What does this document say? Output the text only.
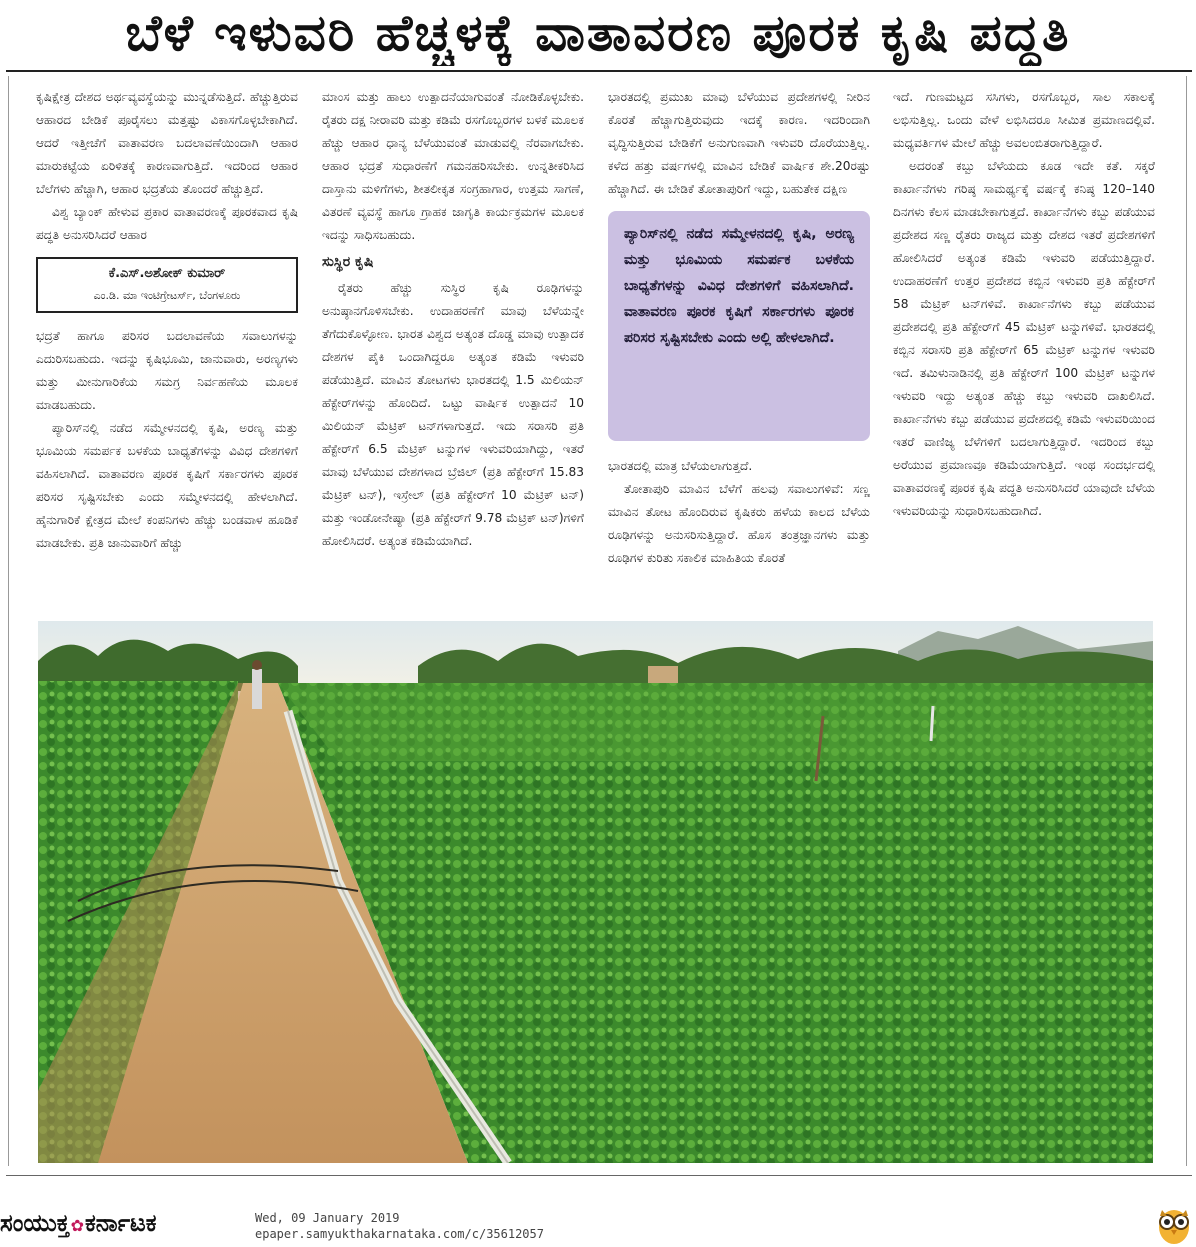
ಬೆಳೆ ಇಳುವರಿ ಹೆಚ್ಚಳಕ್ಕೆ ವಾತಾವರಣ ಪೂರಕ ಕೃಷಿ ಪದ್ಧತಿ

ಕೃಷಿಕ್ಷೇತ್ರ ದೇಶದ ಅರ್ಥವ್ಯವಸ್ಥೆಯನ್ನು ಮುನ್ನಡೆಸುತ್ತಿದೆ. ಹೆಚ್ಚುತ್ತಿರುವ ಆಹಾರದ ಬೇಡಿಕೆ ಪೂರೈಸಲು ಮತ್ತಷ್ಟು ವಿಕಾಸಗೊಳ್ಳಬೇಕಾಗಿದೆ. ಆದರೆ ಇತ್ತೀಚೆಗೆ ವಾತಾವರಣ ಬದಲಾವಣೆಯಿಂದಾಗಿ ಆಹಾರ ಮಾರುಕಟ್ಟೆಯ ಏರಿಳಿತಕ್ಕೆ ಕಾರಣವಾಗುತ್ತಿದೆ. ಇದರಿಂದ ಆಹಾರ ಬೆಲೆಗಳು ಹೆಚ್ಚಾಗಿ, ಆಹಾರ ಭದ್ರತೆಯ ತೊಂದರೆ ಹೆಚ್ಚುತ್ತಿದೆ.

ವಿಶ್ವ ಬ್ಯಾಂಕ್ ಹೇಳುವ ಪ್ರಕಾರ ವಾತಾವರಣಕ್ಕೆ ಪೂರಕವಾದ ಕೃಷಿ ಪದ್ಧತಿ ಅನುಸರಿಸಿದರೆ ಆಹಾರ

ಕೆ.ಎಸ್.ಅಶೋಕ್ ಕುಮಾರ್
ಎಂ.ಡಿ. ಮಾ ಇಂಟಿಗ್ರೇಟರ್ಸ್, ಬೆಂಗಳೂರು

ಭದ್ರತೆ ಹಾಗೂ ಪರಿಸರ ಬದಲಾವಣೆಯ ಸವಾಲುಗಳನ್ನು ಎದುರಿಸಬಹುದು. ಇದನ್ನು ಕೃಷಿಭೂಮಿ, ಜಾನುವಾರು, ಅರಣ್ಯಗಳು ಮತ್ತು ಮೀನುಗಾರಿಕೆಯ ಸಮಗ್ರ ನಿರ್ವಹಣೆಯ ಮೂಲಕ ಮಾಡಬಹುದು.

ಪ್ಯಾರಿಸ್‌ನಲ್ಲಿ ನಡೆದ ಸಮ್ಮೇಳನದಲ್ಲಿ ಕೃಷಿ, ಅರಣ್ಯ ಮತ್ತು ಭೂಮಿಯ ಸಮರ್ಪಕ ಬಳಕೆಯ ಬಾಧ್ಯತೆಗಳನ್ನು ವಿವಿಧ ದೇಶಗಳಿಗೆ ವಹಿಸಲಾಗಿದೆ. ವಾತಾವರಣ ಪೂರಕ ಕೃಷಿಗೆ ಸರ್ಕಾರಗಳು ಪೂರಕ ಪರಿಸರ ಸೃಷ್ಟಿಸಬೇಕು ಎಂದು ಸಮ್ಮೇಳನದಲ್ಲಿ ಹೇಳಲಾಗಿದೆ. ಹೈನುಗಾರಿಕೆ ಕ್ಷೇತ್ರದ ಮೇಲೆ ಕಂಪನಿಗಳು ಹೆಚ್ಚು ಬಂಡವಾಳ ಹೂಡಿಕೆ ಮಾಡಬೇಕು. ಪ್ರತಿ ಜಾನುವಾರಿಗೆ ಹೆಚ್ಚು

ಮಾಂಸ ಮತ್ತು ಹಾಲು ಉತ್ಪಾದನೆಯಾಗುವಂತೆ ನೋಡಿಕೊಳ್ಳಬೇಕು. ರೈತರು ದಕ್ಷ ನೀರಾವರಿ ಮತ್ತು ಕಡಿಮೆ ರಸಗೊಬ್ಬರಗಳ ಬಳಕೆ ಮೂಲಕ ಹೆಚ್ಚು ಆಹಾರ ಧಾನ್ಯ ಬೆಳೆಯುವಂತೆ ಮಾಡುವಲ್ಲಿ ನೆರವಾಗಬೇಕು. ಆಹಾರ ಭದ್ರತೆ ಸುಧಾರಣೆಗೆ ಗಮನಹರಿಸಬೇಕು. ಉನ್ನತೀಕರಿಸಿದ ದಾಸ್ತಾನು ಮಳಿಗೆಗಳು, ಶೀತಲೀಕೃತ ಸಂಗ್ರಹಾಗಾರ, ಉತ್ತಮ ಸಾಗಣೆ, ವಿತರಣೆ ವ್ಯವಸ್ಥೆ ಹಾಗೂ ಗ್ರಾಹಕ ಜಾಗೃತಿ ಕಾರ್ಯಕ್ರಮಗಳ ಮೂಲಕ ಇದನ್ನು ಸಾಧಿಸಬಹುದು.

ಸುಸ್ಥಿರ ಕೃಷಿ

ರೈತರು ಹೆಚ್ಚು ಸುಸ್ಥಿರ ಕೃಷಿ ರೂಢಿಗಳನ್ನು ಅನುಷ್ಠಾನಗೊಳಿಸಬೇಕು. ಉದಾಹರಣೆಗೆ ಮಾವು ಬೆಳೆಯನ್ನೇ ತೆಗೆದುಕೊಳ್ಳೋಣ. ಭಾರತ ವಿಶ್ವದ ಅತ್ಯಂತ ದೊಡ್ಡ ಮಾವು ಉತ್ಪಾದಕ ದೇಶಗಳ ಪೈಕಿ ಒಂದಾಗಿದ್ದರೂ ಅತ್ಯಂತ ಕಡಿಮೆ ಇಳುವರಿ ಪಡೆಯುತ್ತಿದೆ. ಮಾವಿನ ತೋಟಗಳು ಭಾರತದಲ್ಲಿ 1.5 ಮಿಲಿಯನ್ ಹೆಕ್ಟೇರ್‌ಗಳನ್ನು ಹೊಂದಿದೆ. ಒಟ್ಟು ವಾರ್ಷಿಕ ಉತ್ಪಾದನೆ 10 ಮಿಲಿಯನ್ ಮೆಟ್ರಿಕ್ ಟನ್‌ಗಳಾಗುತ್ತದೆ. ಇದು ಸರಾಸರಿ ಪ್ರತಿ ಹೆಕ್ಟೇರ್‌ಗೆ 6.5 ಮೆಟ್ರಿಕ್ ಟನ್ನುಗಳ ಇಳುವರಿಯಾಗಿದ್ದು, ಇತರೆ ಮಾವು ಬೆಳೆಯುವ ದೇಶಗಳಾದ ಬ್ರೆಜಿಲ್ (ಪ್ರತಿ ಹೆಕ್ಟೇರ್‌ಗೆ 15.83 ಮೆಟ್ರಿಕ್ ಟನ್), ಇಸ್ರೇಲ್ (ಪ್ರತಿ ಹೆಕ್ಟೇರ್‌ಗೆ 10 ಮೆಟ್ರಿಕ್ ಟನ್) ಮತ್ತು ಇಂಡೋನೇಷ್ಯಾ (ಪ್ರತಿ ಹೆಕ್ಟೇರ್‌ಗೆ 9.78 ಮೆಟ್ರಿಕ್ ಟನ್)ಗಳಿಗೆ ಹೋಲಿಸಿದರೆ. ಅತ್ಯಂತ ಕಡಿಮೆಯಾಗಿದೆ.

ಭಾರತದಲ್ಲಿ ಪ್ರಮುಖ ಮಾವು ಬೆಳೆಯುವ ಪ್ರದೇಶಗಳಲ್ಲಿ ನೀರಿನ ಕೊರತೆ ಹೆಚ್ಚಾಗುತ್ತಿರುವುದು ಇದಕ್ಕೆ ಕಾರಣ. ಇದರಿಂದಾಗಿ ವೃದ್ಧಿಸುತ್ತಿರುವ ಬೇಡಿಕೆಗೆ ಅನುಗುಣವಾಗಿ ಇಳುವರಿ ದೊರೆಯುತ್ತಿಲ್ಲ. ಕಳೆದ ಹತ್ತು ವರ್ಷಗಳಲ್ಲಿ ಮಾವಿನ ಬೇಡಿಕೆ ವಾರ್ಷಿಕ ಶೇ.20ರಷ್ಟು ಹೆಚ್ಚಾಗಿದೆ. ಈ ಬೇಡಿಕೆ ತೋತಾಪುರಿಗೆ ಇದ್ದು, ಬಹುತೇಕ ದಕ್ಷಿಣ

ಪ್ಯಾರಿಸ್‌ನಲ್ಲಿ ನಡೆದ ಸಮ್ಮೇಳನದಲ್ಲಿ ಕೃಷಿ, ಅರಣ್ಯ ಮತ್ತು ಭೂಮಿಯ ಸಮರ್ಪಕ ಬಳಕೆಯ ಬಾಧ್ಯತೆಗಳನ್ನು ವಿವಿಧ ದೇಶಗಳಿಗೆ ವಹಿಸಲಾಗಿದೆ. ವಾತಾವರಣ ಪೂರಕ ಕೃಷಿಗೆ ಸರ್ಕಾರಗಳು ಪೂರಕ ಪರಿಸರ ಸೃಷ್ಟಿಸಬೇಕು ಎಂದು ಅಲ್ಲಿ ಹೇಳಲಾಗಿದೆ.

ಭಾರತದಲ್ಲಿ ಮಾತ್ರ ಬೆಳೆಯಲಾಗುತ್ತದೆ.

ತೋತಾಪುರಿ ಮಾವಿನ ಬೆಳೆಗೆ ಹಲವು ಸವಾಲುಗಳಿವೆ: ಸಣ್ಣ ಮಾವಿನ ತೋಟ ಹೊಂದಿರುವ ಕೃಷಿಕರು ಹಳೆಯ ಕಾಲದ ಬೆಳೆಯ ರೂಢಿಗಳನ್ನು ಅನುಸರಿಸುತ್ತಿದ್ದಾರೆ. ಹೊಸ ತಂತ್ರಜ್ಞಾನಗಳು ಮತ್ತು ರೂಢಿಗಳ ಕುರಿತು ಸಕಾಲಿಕ ಮಾಹಿತಿಯ ಕೊರತೆ

ಇದೆ. ಗುಣಮಟ್ಟದ ಸಸಿಗಳು, ರಸಗೊಬ್ಬರ, ಸಾಲ ಸಕಾಲಕ್ಕೆ ಲಭಿಸುತ್ತಿಲ್ಲ. ಒಂದು ವೇಳೆ ಲಭಿಸಿದರೂ ಸೀಮಿತ ಪ್ರಮಾಣದಲ್ಲಿವೆ. ಮಧ್ಯವರ್ತಿಗಳ ಮೇಲೆ ಹೆಚ್ಚು ಅವಲಂಬಿತರಾಗುತ್ತಿದ್ದಾರೆ.

ಅದರಂತೆ ಕಬ್ಬು ಬೆಳೆಯದು ಕೂಡ ಇದೇ ಕತೆ. ಸಕ್ಕರೆ ಕಾರ್ಖಾನೆಗಳು ಗರಿಷ್ಠ ಸಾಮರ್ಥ್ಯಕ್ಕೆ ವರ್ಷಕ್ಕೆ ಕನಿಷ್ಠ 120–140 ದಿನಗಳು ಕೆಲಸ ಮಾಡಬೇಕಾಗುತ್ತದೆ. ಕಾರ್ಖಾನೆಗಳು ಕಬ್ಬು ಪಡೆಯುವ ಪ್ರದೇಶದ ಸಣ್ಣ ರೈತರು ರಾಜ್ಯದ ಮತ್ತು ದೇಶದ ಇತರೆ ಪ್ರದೇಶಗಳಿಗೆ ಹೋಲಿಸಿದರೆ ಅತ್ಯಂತ ಕಡಿಮೆ ಇಳುವರಿ ಪಡೆಯುತ್ತಿದ್ದಾರೆ. ಉದಾಹರಣೆಗೆ ಉತ್ತರ ಪ್ರದೇಶದ ಕಬ್ಬಿನ ಇಳುವರಿ ಪ್ರತಿ ಹೆಕ್ಟೇರ್‌ಗೆ 58 ಮೆಟ್ರಿಕ್ ಟನ್‌ಗಳಿವೆ. ಕಾರ್ಖಾನೆಗಳು ಕಬ್ಬು ಪಡೆಯುವ ಪ್ರದೇಶದಲ್ಲಿ ಪ್ರತಿ ಹೆಕ್ಟೇರ್‌ಗೆ 45 ಮೆಟ್ರಿಕ್ ಟನ್ನುಗಳಿವೆ. ಭಾರತದಲ್ಲಿ ಕಬ್ಬಿನ ಸರಾಸರಿ ಪ್ರತಿ ಹೆಕ್ಟೇರ್‌ಗೆ 65 ಮೆಟ್ರಿಕ್ ಟನ್ನುಗಳ ಇಳುವರಿ ಇದೆ. ತಮಿಳುನಾಡಿನಲ್ಲಿ ಪ್ರತಿ ಹೆಕ್ಟೇರ್‌ಗೆ 100 ಮೆಟ್ರಿಕ್ ಟನ್ನುಗಳ ಇಳುವರಿ ಇದ್ದು ಅತ್ಯಂತ ಹೆಚ್ಚು ಕಬ್ಬು ಇಳುವರಿ ದಾಖಲಿಸಿದೆ. ಕಾರ್ಖಾನೆಗಳು ಕಬ್ಬು ಪಡೆಯುವ ಪ್ರದೇಶದಲ್ಲಿ ಕಡಿಮೆ ಇಳುವರಿಯಿಂದ ಇತರೆ ವಾಣಿಜ್ಯ ಬೆಳೆಗಳಿಗೆ ಬದಲಾಗುತ್ತಿದ್ದಾರೆ. ಇದರಿಂದ ಕಬ್ಬು ಅರೆಯುವ ಪ್ರಮಾಣವೂ ಕಡಿಮೆಯಾಗುತ್ತಿದೆ. ಇಂಥ ಸಂದರ್ಭದಲ್ಲಿ ವಾತಾವರಣಕ್ಕೆ ಪೂರಕ ಕೃಷಿ ಪದ್ಧತಿ ಅನುಸರಿಸಿದರೆ ಯಾವುದೇ ಬೆಳೆಯ ಇಳುವರಿಯನ್ನು ಸುಧಾರಿಸಬಹುದಾಗಿದೆ.

ಸಂಯುಕ್ತ✿ಕರ್ನಾಟಕ	Wed, 09 January 2019
epaper.samyukthakarnataka.com/c/35612057
